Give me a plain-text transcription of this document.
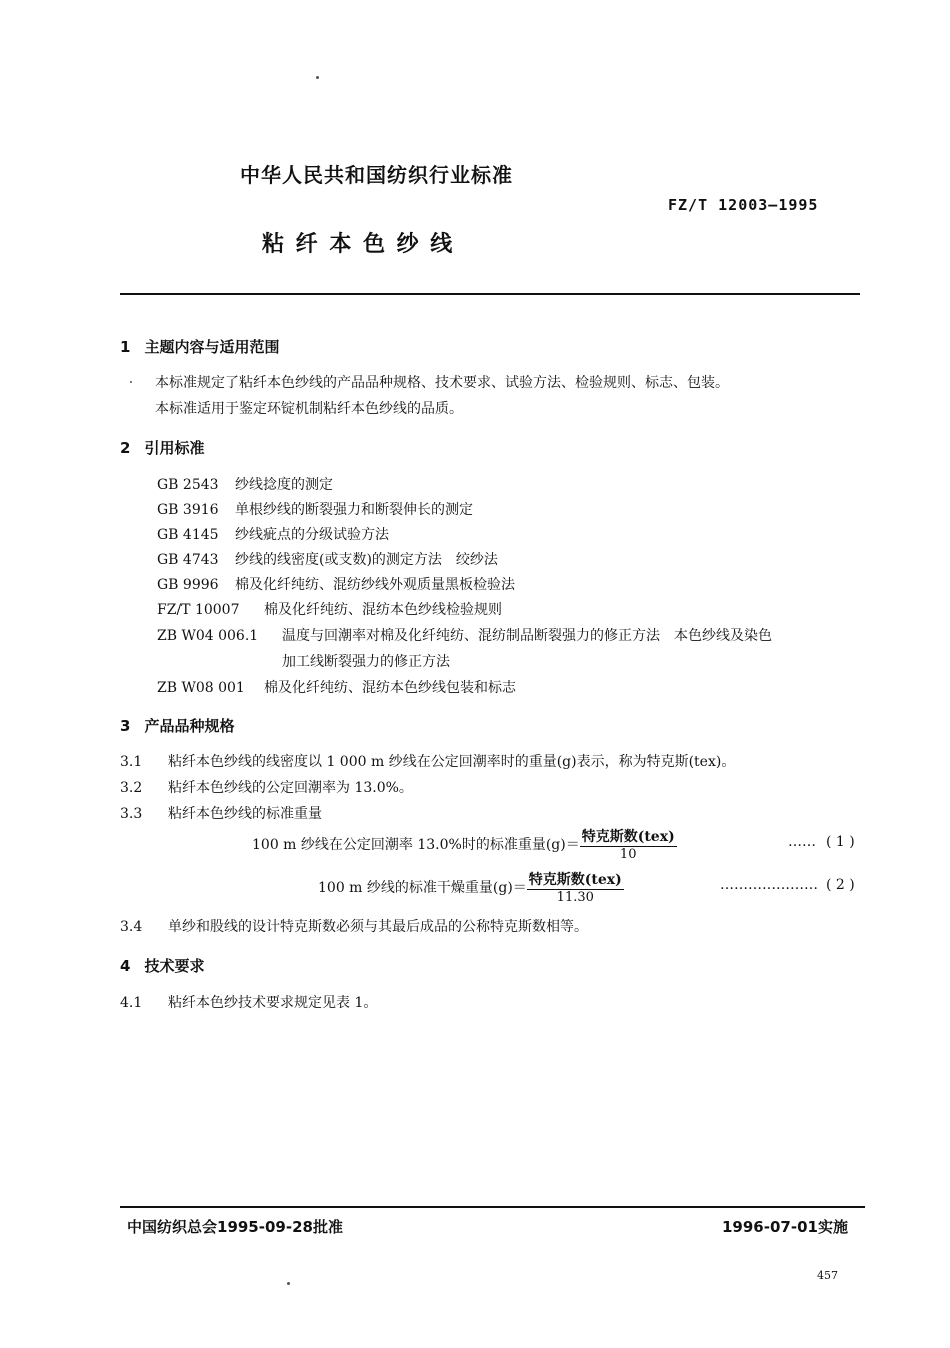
中华人民共和国纺织行业标准
FZ/T 12003—1995
粘 纤 本 色 纱 线
1 主题内容与适用范围
本标准规定了粘纤本色纱线的产品品种规格、技术要求、试验方法、检验规则、标志、包装。
本标准适用于鉴定环锭机制粘纤本色纱线的品质。
2 引用标准
GB 2543 纱线捻度的测定
GB 3916 单根纱线的断裂强力和断裂伸长的测定
GB 4145 纱线疵点的分级试验方法
GB 4743 纱线的线密度(或支数)的测定方法　绞纱法
GB 9996 棉及化纤纯纺、混纺纱线外观质量黑板检验法
FZ/T 10007 棉及化纤纯纺、混纺本色纱线检验规则
ZB W04 006.1 温度与回潮率对棉及化纤纯纺、混纺制品断裂强力的修正方法　本色纱线及染色
加工线断裂强力的修正方法
ZB W08 001 棉及化纤纯纺、混纺本色纱线包装和标志
3 产品品种规格
3.1 粘纤本色纱线的线密度以 1 000 m 纱线在公定回潮率时的重量(g)表示，称为特克斯(tex)。
3.2 粘纤本色纱线的公定回潮率为 13.0%。
3.3 粘纤本色纱线的标准重量
100 m 纱线在公定回潮率 13.0%时的标准重量$(g)= \frac{\text{特克斯数(tex)}}{10}$	…… ( 1 )
100 m 纱线的标准干燥重量$(g)= \frac{\text{特克斯数(tex)}}{11.30}$	………………… ( 2 )
3.4 单纱和股线的设计特克斯数必须与其最后成品的公称特克斯数相等。
4 技术要求
4.1 粘纤本色纱技术要求规定见表 1。
中国纺织总会1995-09-28批准	1996-07-01实施
457
